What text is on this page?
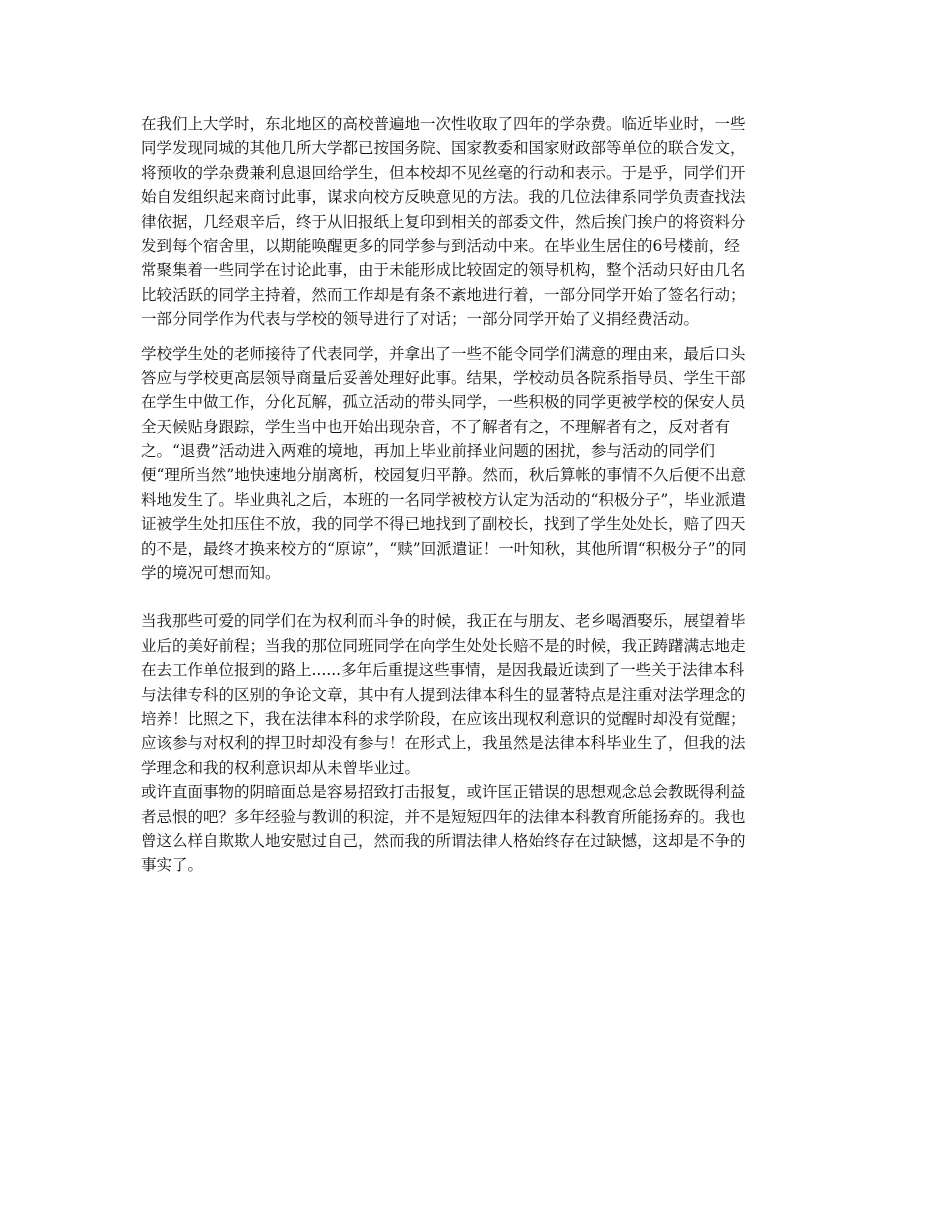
在我们上大学时，东北地区的高校普遍地一次性收取了四年的学杂费。临近毕业时，一些
同学发现同城的其他几所大学都已按国务院、国家教委和国家财政部等单位的联合发文，
将预收的学杂费兼利息退回给学生，但本校却不见丝毫的行动和表示。于是乎，同学们开
始自发组织起来商讨此事，谋求向校方反映意见的方法。我的几位法律系同学负责查找法
律依据，几经艰辛后，终于从旧报纸上复印到相关的部委文件，然后挨门挨户的将资料分
发到每个宿舍里，以期能唤醒更多的同学参与到活动中来。在毕业生居住的6号楼前，经
常聚集着一些同学在讨论此事，由于未能形成比较固定的领导机构，整个活动只好由几名
比较活跃的同学主持着，然而工作却是有条不紊地进行着，一部分同学开始了签名行动；
一部分同学作为代表与学校的领导进行了对话；一部分同学开始了义捐经费活动。
学校学生处的老师接待了代表同学，并拿出了一些不能令同学们满意的理由来，最后口头
答应与学校更高层领导商量后妥善处理好此事。结果，学校动员各院系指导员、学生干部
在学生中做工作，分化瓦解，孤立活动的带头同学，一些积极的同学更被学校的保安人员
全天候贴身跟踪，学生当中也开始出现杂音，不了解者有之，不理解者有之，反对者有
之。“退费”活动进入两难的境地，再加上毕业前择业问题的困扰，参与活动的同学们
便“理所当然”地快速地分崩离析，校园复归平静。然而，秋后算帐的事情不久后便不出意
料地发生了。毕业典礼之后，本班的一名同学被校方认定为活动的“积极分子”，毕业派遣
证被学生处扣压住不放，我的同学不得已地找到了副校长，找到了学生处处长，赔了四天
的不是，最终才换来校方的“原谅”，“赎”回派遣证！一叶知秋，其他所谓“积极分子”的同
学的境况可想而知。
当我那些可爱的同学们在为权利而斗争的时候，我正在与朋友、老乡喝酒娶乐，展望着毕
业后的美好前程；当我的那位同班同学在向学生处处长赔不是的时候，我正踌躇满志地走
在去工作单位报到的路上......多年后重提这些事情，是因我最近读到了一些关于法律本科
与法律专科的区别的争论文章，其中有人提到法律本科生的显著特点是注重对法学理念的
培养！比照之下，我在法律本科的求学阶段，在应该出现权利意识的觉醒时却没有觉醒；
应该参与对权利的捍卫时却没有参与！在形式上，我虽然是法律本科毕业生了，但我的法
学理念和我的权利意识却从未曾毕业过。
或许直面事物的阴暗面总是容易招致打击报复，或许匡正错误的思想观念总会教既得利益
者忌恨的吧？多年经验与教训的积淀，并不是短短四年的法律本科教育所能扬弃的。我也
曾这么样自欺欺人地安慰过自己，然而我的所谓法律人格始终存在过缺憾，这却是不争的
事实了。
